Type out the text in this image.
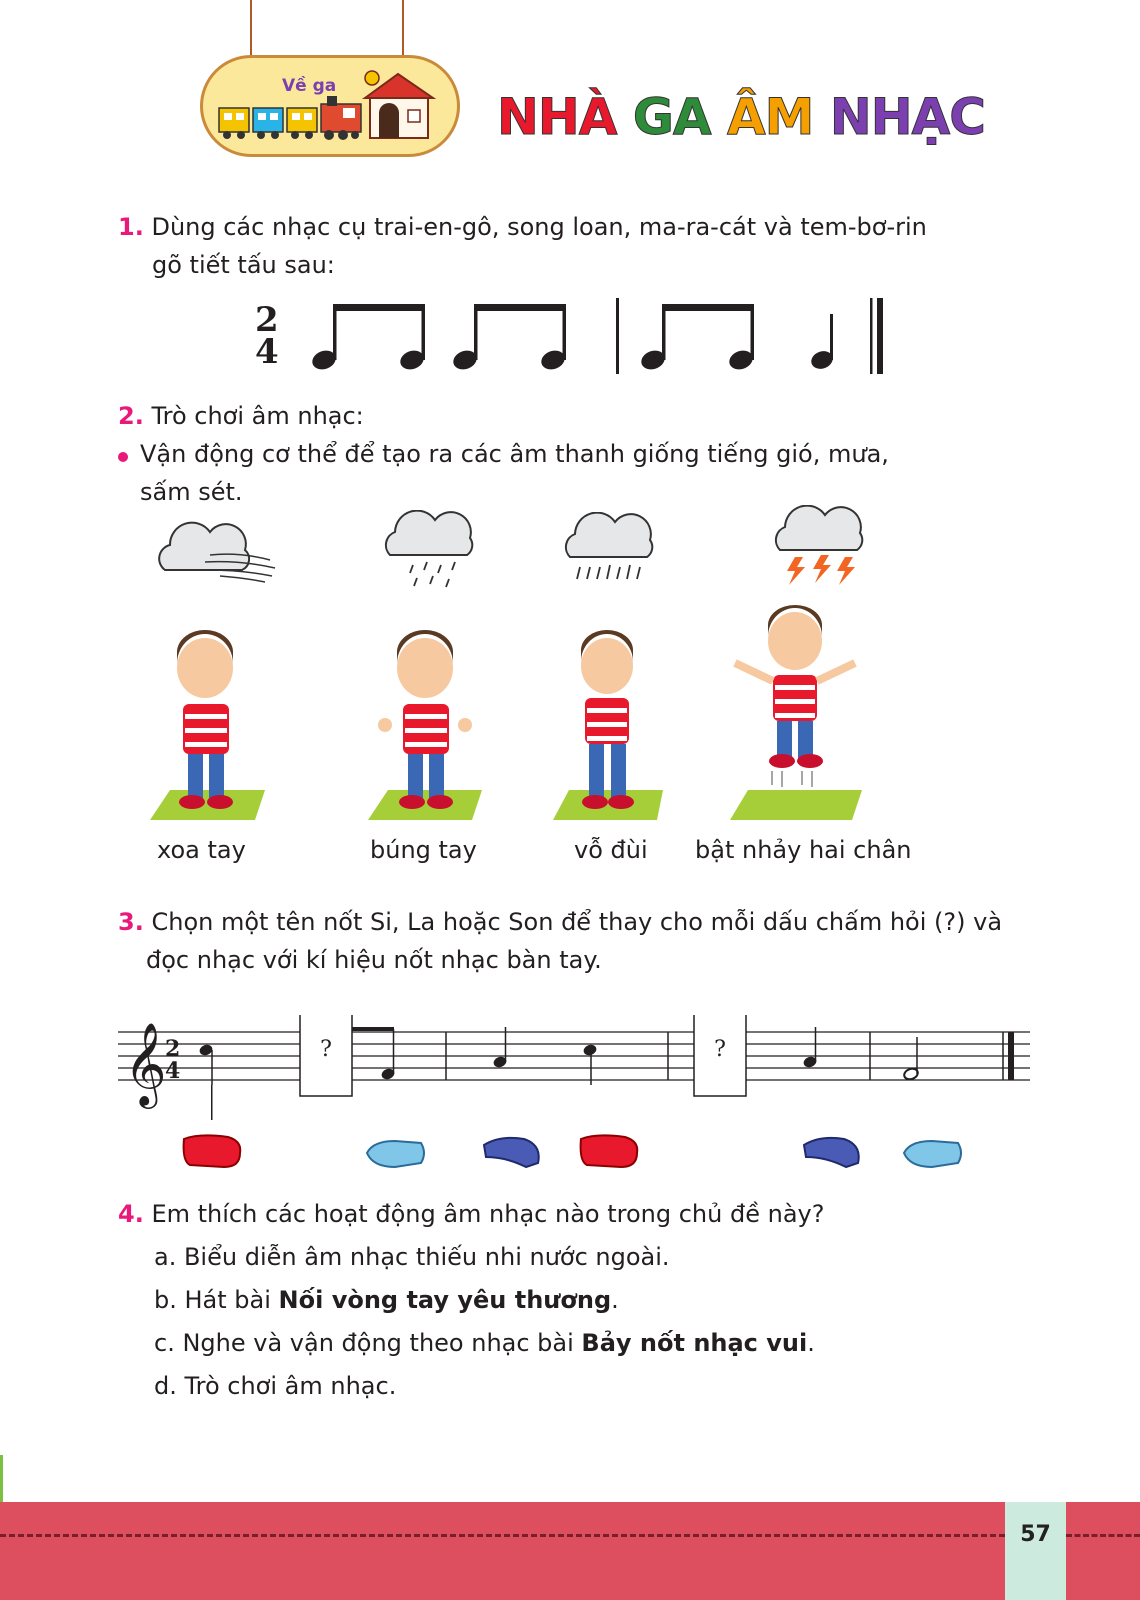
Về ga
NHÀ GA ÂM NHẠC
1. Dùng các nhạc cụ trai-en-gô, song loan, ma-ra-cát và tem-bơ-rin
gõ tiết tấu sau:
2
4
2. Trò chơi âm nhạc:
Vận động cơ thể để tạo ra các âm thanh giống tiếng gió, mưa,
sấm sét.
xoa tay	búng tay	vỗ đùi bật nhảy hai chân
3. Chọn một tên nốt Si, La hoặc Son để thay cho mỗi dấu chấm hỏi (?) và
đọc nhạc với kí hiệu nốt nhạc bàn tay.
𝄞
2
4
?	?
4. Em thích các hoạt động âm nhạc nào trong chủ đề này?
a. Biểu diễn âm nhạc thiếu nhi nước ngoài.
b. Hát bài Nối vòng tay yêu thương.
c. Nghe và vận động theo nhạc bài Bảy nốt nhạc vui.
d. Trò chơi âm nhạc.
57
